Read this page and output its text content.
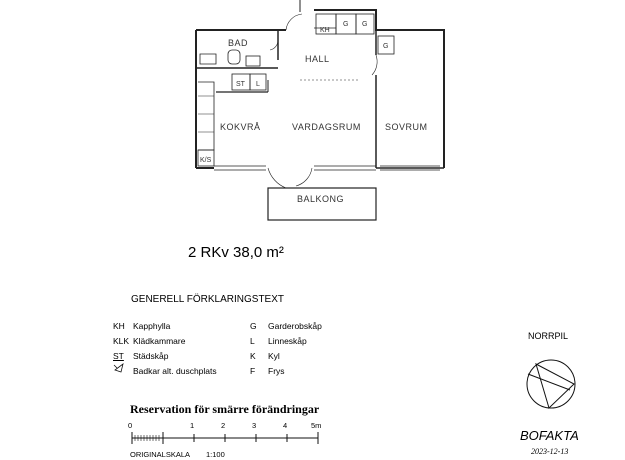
HALL
BAD
KOKVRÅ	VARDAGSRUM	SOVRUM
BALKONG
KH
G G
G
ST L
K/S
2 RKv 38,0 m²
GENERELL FÖRKLARINGSTEXT
KH Kapphylla
KLK Klädkammare
ST Städskåp
Badkar alt. duschplats
G Garderobskåp
L Linneskåp
K Kyl
F Frys
NORRPIL
Reservation för smärre förändringar
0	1	2	3	4	5m
ORIGINALSKALA 1:100
BOFAKTA
2023-12-13
